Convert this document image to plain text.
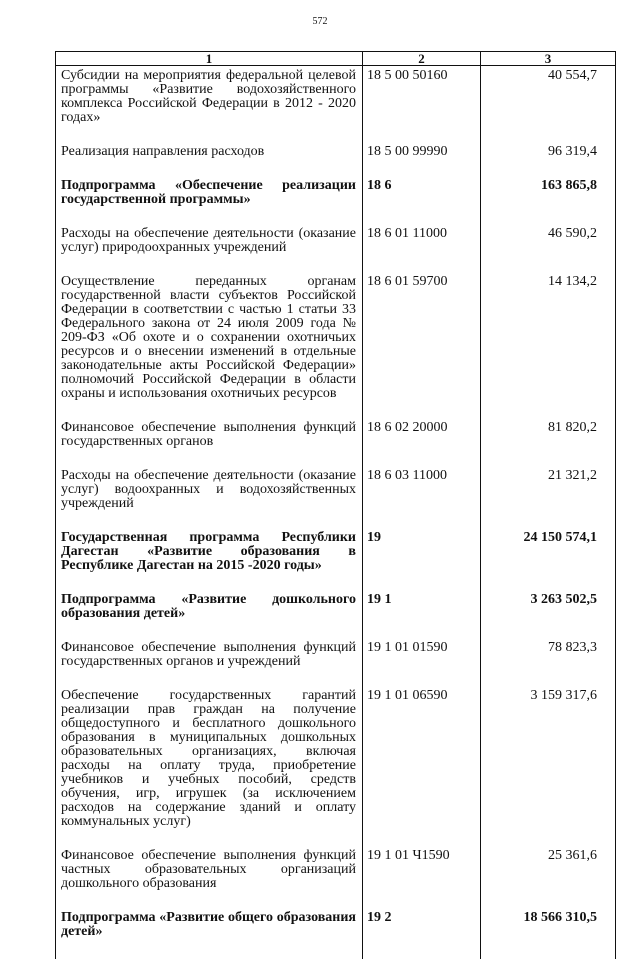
572
1	2	3
Субсидии на мероприятия федеральной целевой программы «Развитие водохозяйственного комплекса Российской Федерации в 2012 - 2020 годах»	18 5 00 50160	40 554,7

Реализация направления расходов	18 5 00 99990	96 319,4

Подпрограмма «Обеспечение реализации государственной программы»	18 6	163 865,8

Расходы на обеспечение деятельности (оказание услуг) природоохранных учреждений	18 6 01 11000	46 590,2

Осуществление переданных органам государственной власти субъектов Российской Федерации в соответствии с частью 1 статьи 33 Федерального закона от 24 июля 2009 года № 209-ФЗ «Об охоте и о сохранении охотничьих ресурсов и о внесении изменений в отдельные законодательные акты Российской Федерации» полномочий Российской Федерации в области охраны и использования охотничьих ресурсов	18 6 01 59700	14 134,2

Финансовое обеспечение выполнения функций государственных органов	18 6 02 20000	81 820,2

Расходы на обеспечение деятельности (оказание услуг) водоохранных и водохозяйственных учреждений	18 6 03 11000	21 321,2

Государственная программа Республики Дагестан «Развитие образования в Республике Дагестан на 2015 -2020 годы»	19	24 150 574,1

Подпрограмма «Развитие дошкольного образования детей»	19 1	3 263 502,5

Финансовое обеспечение выполнения функций государственных органов и учреждений	19 1 01 01590	78 823,3

Обеспечение государственных гарантий реализации прав граждан на получение общедоступного и бесплатного дошкольного образования в муниципальных дошкольных образовательных организациях, включая расходы на оплату труда, приобретение учебников и учебных пособий, средств обучения, игр, игрушек (за исключением расходов на содержание зданий и оплату коммунальных услуг)	19 1 01 06590	3 159 317,6

Финансовое обеспечение выполнения функций частных образовательных организаций дошкольного образования	19 1 01 Ч1590	25 361,6

Подпрограмма «Развитие общего образования детей»	19 2	18 566 310,5
